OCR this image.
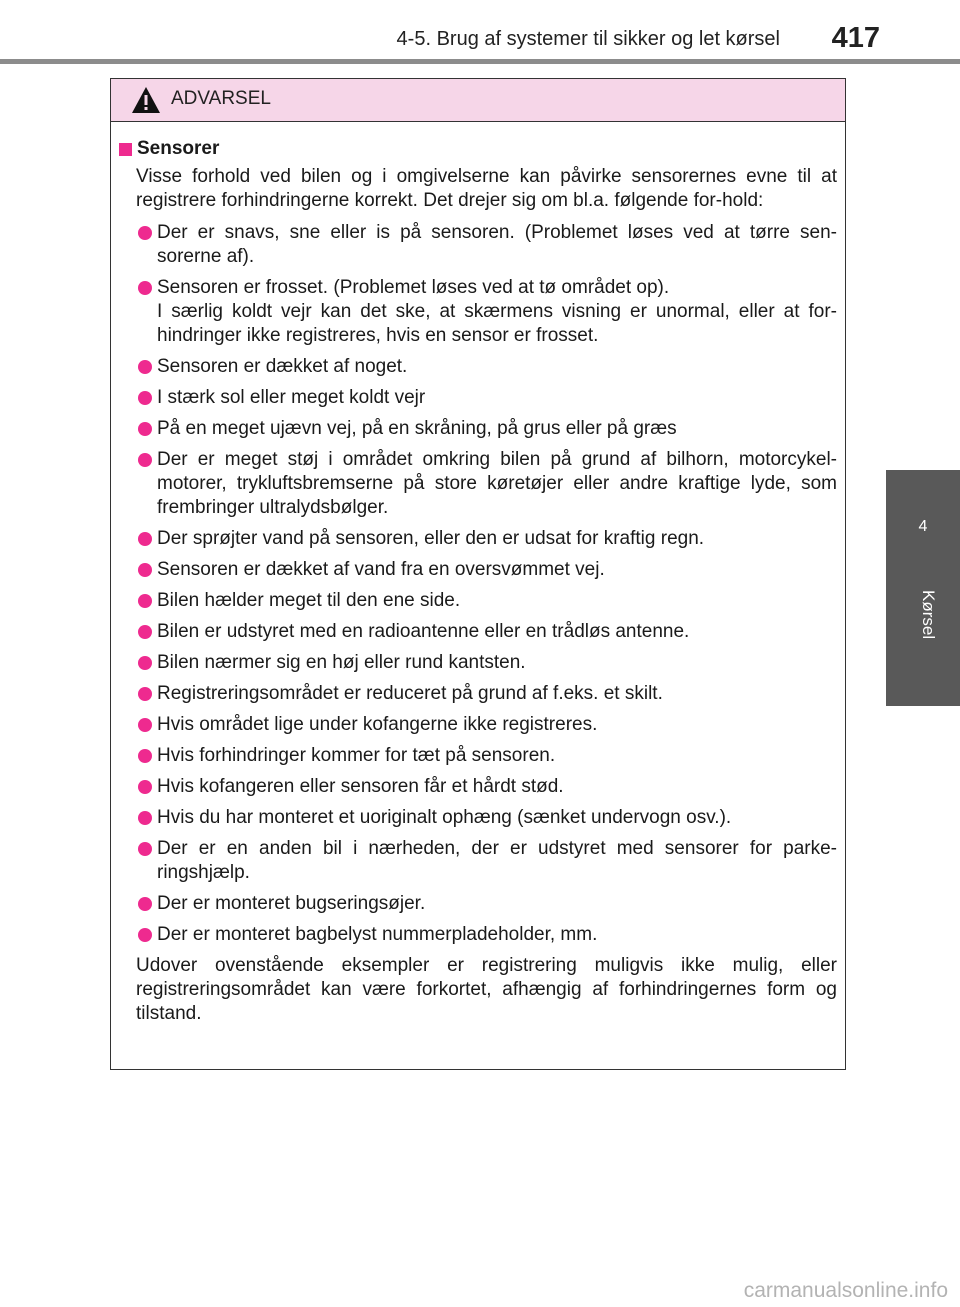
4-5. Brug af systemer til sikker og let kørsel	417
4
Kørsel
ADVARSEL
Sensorer
Visse forhold ved bilen og i omgivelserne kan påvirke sensorernes evne til at registrere forhindringerne korrekt. Det drejer sig om bl.a. følgende for-hold:
Der er snavs, sne eller is på sensoren. (Problemet løses ved at tørre sen-sorerne af).
Sensoren er frosset. (Problemet løses ved at tø området op).
I særlig koldt vejr kan det ske, at skærmens visning er unormal, eller at for-hindringer ikke registreres, hvis en sensor er frosset.
Sensoren er dækket af noget.
I stærk sol eller meget koldt vejr
På en meget ujævn vej, på en skråning, på grus eller på græs
Der er meget støj i området omkring bilen på grund af bilhorn, motorcykel-motorer, trykluftsbremserne på store køretøjer eller andre kraftige lyde, som frembringer ultralydsbølger.
Der sprøjter vand på sensoren, eller den er udsat for kraftig regn.
Sensoren er dækket af vand fra en oversvømmet vej.
Bilen hælder meget til den ene side.
Bilen er udstyret med en radioantenne eller en trådløs antenne.
Bilen nærmer sig en høj eller rund kantsten.
Registreringsområdet er reduceret på grund af f.eks. et skilt.
Hvis området lige under kofangerne ikke registreres.
Hvis forhindringer kommer for tæt på sensoren.
Hvis kofangeren eller sensoren får et hårdt stød.
Hvis du har monteret et uoriginalt ophæng (sænket undervogn osv.).
Der er en anden bil i nærheden, der er udstyret med sensorer for parke-ringshjælp.
Der er monteret bugseringsøjer.
Der er monteret bagbelyst nummerpladeholder, mm.
Udover ovenstående eksempler er registrering muligvis ikke mulig, eller registreringsområdet kan være forkortet, afhængig af forhindringernes form og tilstand.
carmanualsonline.info
